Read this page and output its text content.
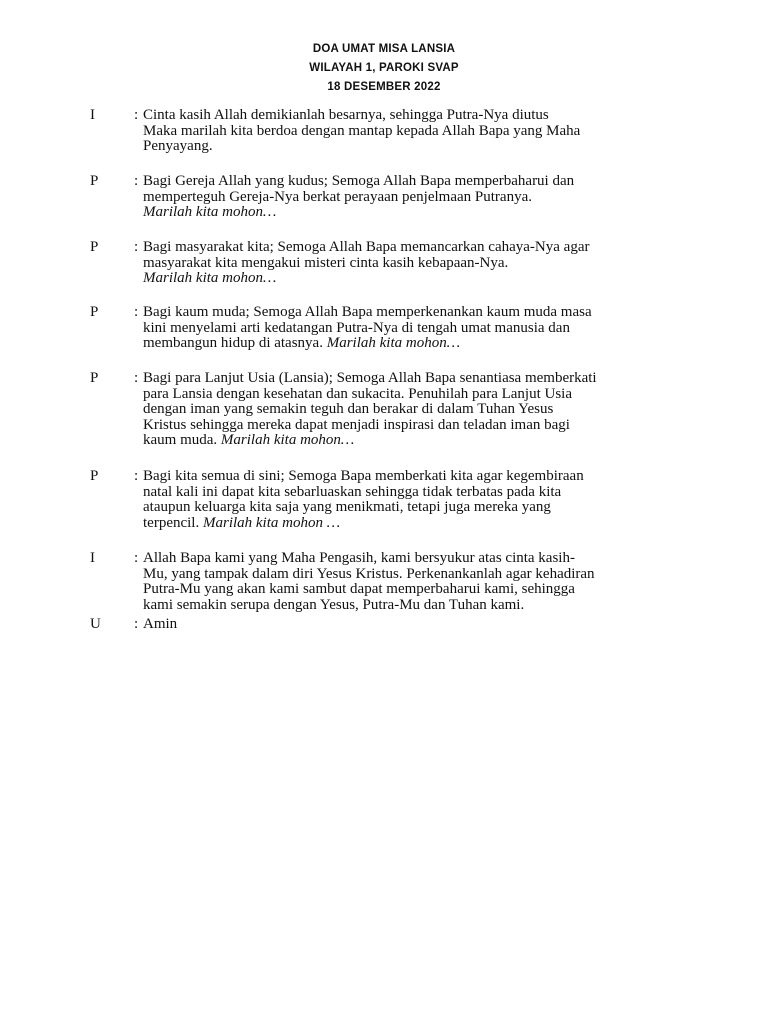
DOA UMAT MISA LANSIA
WILAYAH 1, PAROKI SVAP
18 DESEMBER 2022
I	: Cinta kasih Allah demikianlah besarnya, sehingga Putra-Nya diutus
Maka marilah kita berdoa dengan mantap kepada Allah Bapa yang Maha
Penyayang.
P : Bagi Gereja Allah yang kudus; Semoga Allah Bapa memperbaharui dan
memperteguh Gereja-Nya berkat perayaan penjelmaan Putranya.
Marilah kita mohon…
P : Bagi masyarakat kita; Semoga Allah Bapa memancarkan cahaya-Nya agar
masyarakat kita mengakui misteri cinta kasih kebapaan-Nya.
Marilah kita mohon…
P : Bagi kaum muda; Semoga Allah Bapa memperkenankan kaum muda masa
kini menyelami arti kedatangan Putra-Nya di tengah umat manusia dan
membangun hidup di atasnya. Marilah kita mohon…
P : Bagi para Lanjut Usia (Lansia); Semoga Allah Bapa senantiasa memberkati
para Lansia dengan kesehatan dan sukacita. Penuhilah para Lanjut Usia
dengan iman yang semakin teguh dan berakar di dalam Tuhan Yesus
Kristus sehingga mereka dapat menjadi inspirasi dan teladan iman bagi
kaum muda. Marilah kita mohon…
P : Bagi kita semua di sini; Semoga Bapa memberkati kita agar kegembiraan
natal kali ini dapat kita sebarluaskan sehingga tidak terbatas pada kita
ataupun keluarga kita saja yang menikmati, tetapi juga mereka yang
terpencil. Marilah kita mohon …
I	: Allah Bapa kami yang Maha Pengasih, kami bersyukur atas cinta kasih-
Mu, yang tampak dalam diri Yesus Kristus. Perkenankanlah agar kehadiran
Putra-Mu yang akan kami sambut dapat memperbaharui kami, sehingga
kami semakin serupa dengan Yesus, Putra-Mu dan Tuhan kami.
U : Amin
